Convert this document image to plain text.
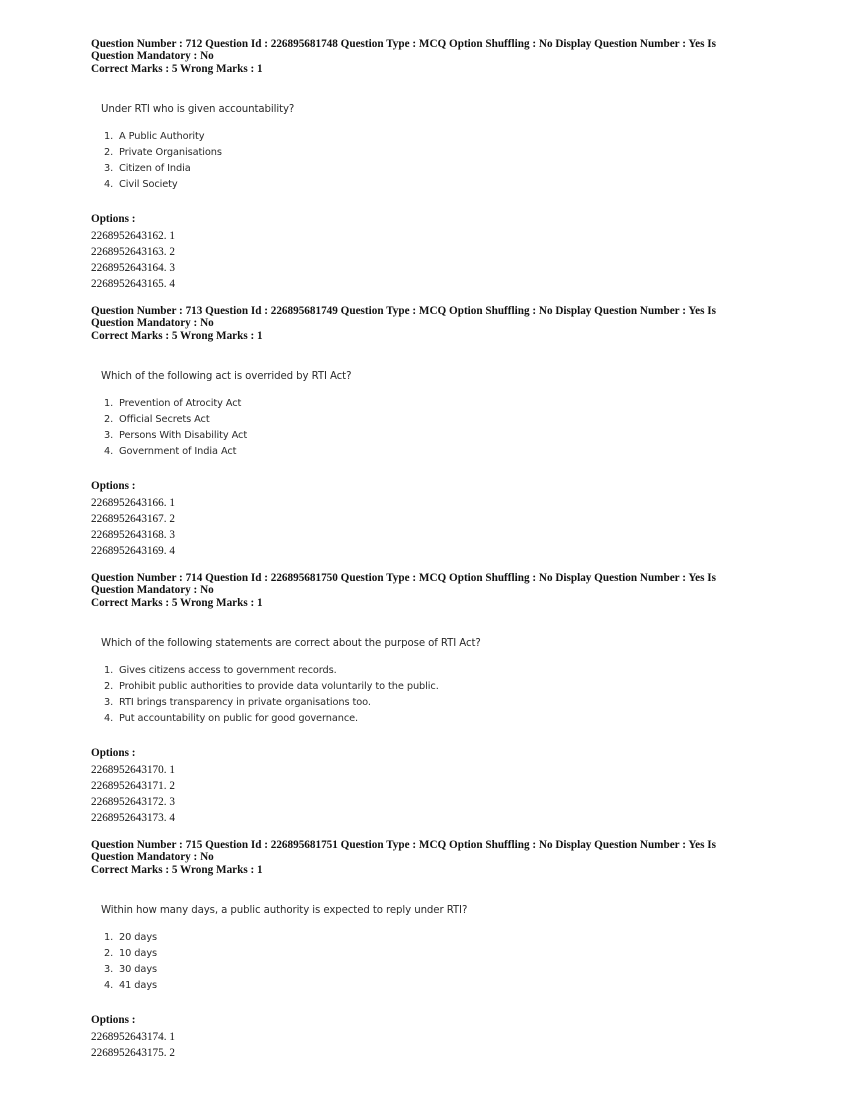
Question Number : 712 Question Id : 226895681748 Question Type : MCQ Option Shuffling : No Display Question Number : Yes Is Question Mandatory : No

Correct Marks : 5 Wrong Marks : 1

Under RTI who is given accountability?

1. A Public Authority
2. Private Organisations
3. Citizen of India
4. Civil Society

Options :

2268952643162. 1

2268952643163. 2

2268952643164. 3

2268952643165. 4

Question Number : 713 Question Id : 226895681749 Question Type : MCQ Option Shuffling : No Display Question Number : Yes Is Question Mandatory : No

Correct Marks : 5 Wrong Marks : 1

Which of the following act is overrided by RTI Act?

1. Prevention of Atrocity Act
2. Official Secrets Act
3. Persons With Disability Act
4. Government of India Act

Options :

2268952643166. 1

2268952643167. 2

2268952643168. 3

2268952643169. 4

Question Number : 714 Question Id : 226895681750 Question Type : MCQ Option Shuffling : No Display Question Number : Yes Is Question Mandatory : No

Correct Marks : 5 Wrong Marks : 1

Which of the following statements are correct about the purpose of RTI Act?

1. Gives citizens access to government records.
2. Prohibit public authorities to provide data voluntarily to the public.
3. RTI brings transparency in private organisations too.
4. Put accountability on public for good governance.

Options :

2268952643170. 1

2268952643171. 2

2268952643172. 3

2268952643173. 4

Question Number : 715 Question Id : 226895681751 Question Type : MCQ Option Shuffling : No Display Question Number : Yes Is Question Mandatory : No

Correct Marks : 5 Wrong Marks : 1

Within how many days, a public authority is expected to reply under RTI?

1. 20 days
2. 10 days
3. 30 days
4. 41 days

Options :

2268952643174. 1

2268952643175. 2
